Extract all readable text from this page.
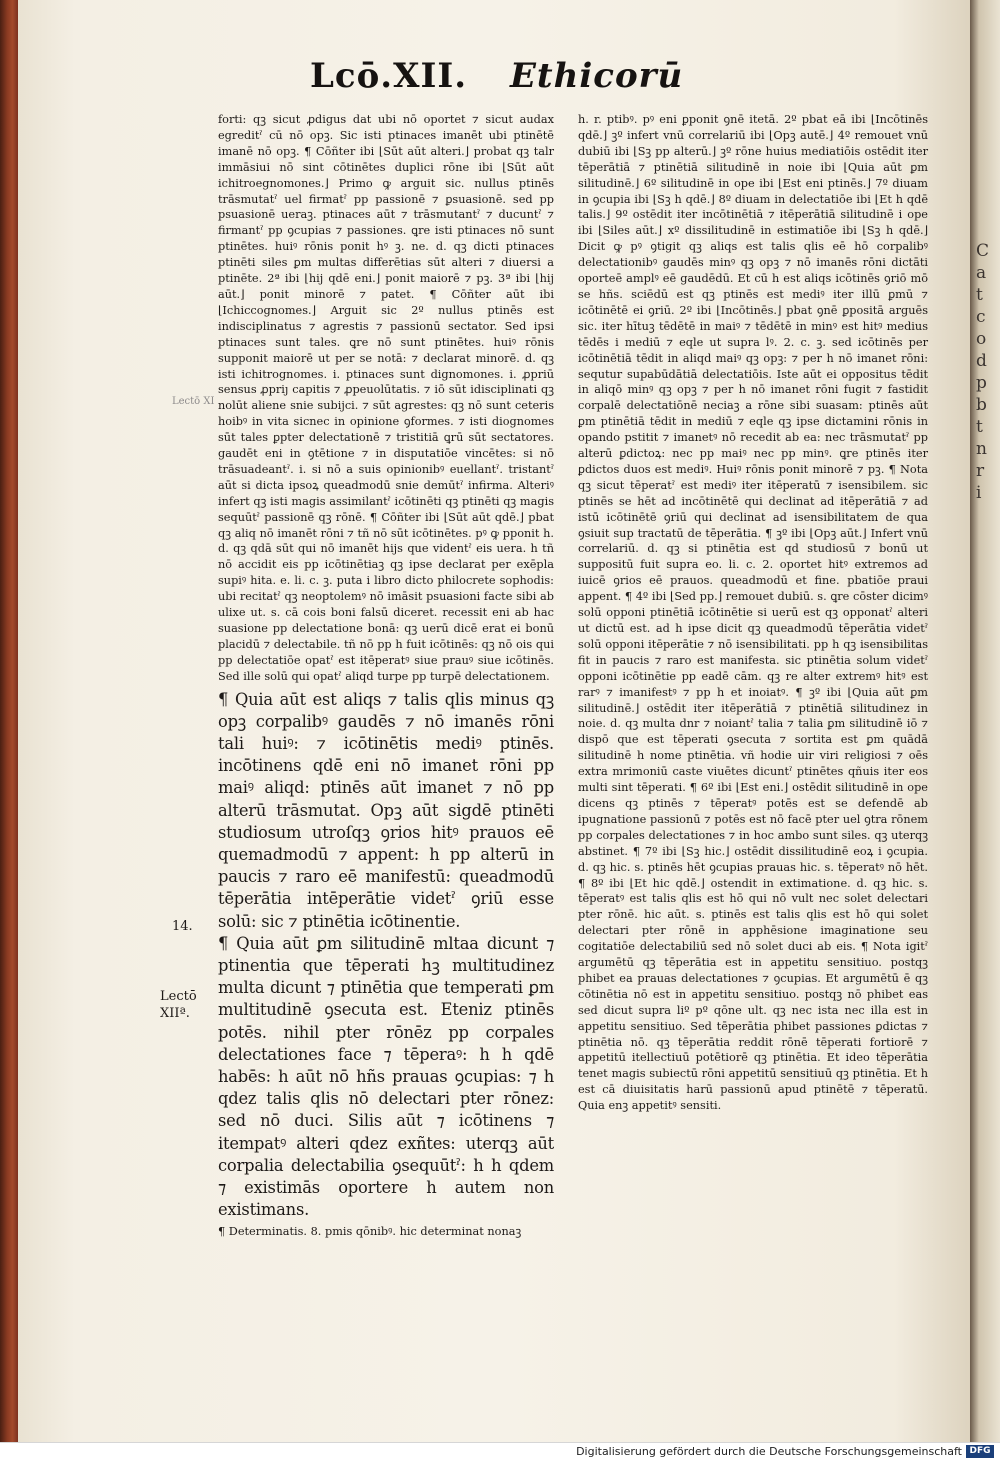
Lcō.XII. Ethicorū
Lectō XI
14.
Lectō
XIIª.

forti: qꝫ sicut ꝓdigus dat ubi nō oportet ⁊ sicut audax egreditˀ cū nō opꝫ. Sic isti ptinaces imanēt ubi ptinētē imanē nō opꝫ. ¶ Cōñter ibi ⌊Sūt aūt alteri.⌋ probat qꝫ talr immāsiui nō sint cōtinētes duplici rōne ibi ⌊Sūt aūt ichitroegnomones.⌋ Primo ꝙ arguit sic. nullus ptinēs trāsmutatˀ uel firmatˀ pp passionē ⁊ ꝑsuasionē. sed pp psuasionē ueraꝫ. ptinaces aūt ⁊ trāsmutantˀ ⁊ ducuntˀ ⁊ firmantˀ pp ꝯcupias ⁊ passiones. ꝗre isti ptinaces nō sunt ptinētes. huiꝰ rōnis ponit hꝰ ꝫ. ne. d. qꝫ dicti ptinaces ptinēti siles ꝑm multas differētias sūt alteri ⁊ diuersi a ptinēte. 2ª ibi ⌊hij qdē eni.⌋ ponit maiorē ⁊ pꝫ. 3ª ibi ⌊hij aūt.⌋ ponit minorē ⁊ patet. ¶ Cōñter aūt ibi ⌊Ichiccognomes.⌋ Arguit sic 2º nullus ptinēs est indisciplinatus ⁊ agrestis ⁊ passionū sectator. Sed ipsi ptinaces sunt tales. ꝗre nō sunt ptinētes. huiꝰ rōnis supponit maiorē ut per se notā: ⁊ declarat minorē. d. qꝫ isti ichitrognomes. i. ptinaces sunt dignomones. i. ꝓpriū sensus ꝓpriȷ capitis ⁊ ꝓpeuolūtatis. ⁊ iō sūt idisciplinati qꝫ nolūt aliene snie subijci. ⁊ sūt agrestes: qꝫ nō sunt ceteris hoibꝰ in vita sicnec in opinione ꝯformes. ⁊ isti diognomes sūt tales ꝑpter delectationē ⁊ tristitiā ꝗrū sūt sectatores. gaudēt eni in ꝯtētione ⁊ in disputatiōe vincētes: si nō trāsuadeantˀ. i. si nō a suis opinionibꝰ euellantˀ. tristantˀ aūt si dicta ipsoꝝ queadmodū snie demūtˀ infirma. Alteriꝰ infert qꝫ isti magis assimilantˀ icōtinēti qꝫ ptinēti qꝫ magis sequūtˀ passionē qꝫ rōnē. ¶ Cōñter ibi ⌊Sūt aūt qdē.⌋ pbat qꝫ aliq nō imanēt rōni ⁊ tñ nō sūt icōtinētes. pꝰ ꝙ pponit h. d. qꝫ qdā sūt qui nō imanēt hijs que videntˀ eis uera. h tñ nō accidit eis pp icōtinētiaꝫ qꝫ ipse declarat per exēpla supiꝰ hita. e. li. c. ꝫ. puta i libro dicto philocrete sophodis: ubi recitatˀ qꝫ neoptolemꝰ nō imāsit psuasioni facte sibi ab ulixe ut. s. cā cois boni falsū diceret. recessit eni ab hac suasione pp delectatione bonā: qꝫ uerū dicē erat ei bonū placidū ⁊ delectabile. tñ nō pp h fuit icōtinēs: qꝫ nō ois qui pp delectatiōe opatˀ est itēperatꝰ siue prauꝰ siue icōtinēs. Sed ille solū qui opatˀ aliqd turpe pp turpē delectationem.

¶ Quia aūt est aliqs ⁊ talis qlis minus qꝫ opꝫ corpalibꝰ gaudēs ⁊ nō imanēs rōni tali huiꝰ: ⁊ icōtinētis mediꝰ ptinēs. incōtinens qdē eni nō imanet rōni pp maiꝰ aliqd: ptinēs aūt imanet ⁊ nō pp alterū trāsmutat. Opꝫ aūt sigdē ptinēti studiosum utroſqꝫ ꝯrios hitꝰ prauos eē quemadmodū ⁊ appent: h pp alterū in paucis ⁊ raro eē manifestū: queadmodū tēperātia intēperātie videtˀ ꝯriū esse solū: sic ⁊ ptinētia icōtinentie.

¶ Quia aūt ꝑm silitudinē mltaa dicunt ⁊ ptinentia que tēperati hꝫ multitudinez multa dicunt ⁊ ptinētia que temperati ꝑm multitudinē ꝯsecuta est. Eteniz ptinēs potēs. nihil pter rōnēz pp corpales delectationes face ⁊ tēperaꝰ: h h qdē habēs: h aūt nō hñs prauas ꝯcupias: ⁊ h qdez talis qlis nō delectari pter rōnez: sed nō duci. Silis aūt ⁊ icōtinens ⁊ itempatꝰ alteri qdez exñtes: uterqꝫ aūt corpalia delectabilia ꝯsequūtˀ: h h qdem ⁊ existimās oportere h autem non existimans.

¶ Determinatis. 8. pmis qōnibꝰ. hic determinat nonaꝫ

h. r. ptibꝰ. pꝰ eni ꝑponit ꝯnē itetā. 2º pbat eā ibi ⌊Incōtinēs qdē.⌋ ꝫº infert vnū correlariū ibi ⌊Opꝫ autē.⌋ 4º remouet vnū dubiū ibi ⌊Sꝫ pp alterū.⌋ ꝫº rōne huius mediatiōis ostēdit iter tēperātiā ⁊ ptinētiā silitudinē in noie ibi ⌊Quia aūt ꝑm silitudinē.⌋ 6º silitudinē in ope ibi ⌊Est eni ptinēs.⌋ 7º diuam in ꝯcupia ibi ⌊Sꝫ h qdē.⌋ 8º diuam in delectatiōe ibi ⌊Et h qdē talis.⌋ 9º ostēdit iter incōtinētiā ⁊ itēperātiā silitudinē i ope ibi ⌊Siles aūt.⌋ xº dissilitudinē in estimatiōe ibi ⌊Sꝫ h qdē.⌋ Dicit ꝙ pꝰ ꝯtigit qꝫ aliqs est talis qlis eē hō corpalibꝰ delectationibꝰ gaudēs minꝰ qꝫ opꝫ ⁊ nō imanēs rōni dictāti oporteē amplꝰ eē gaudēdū. Et cū h est aliqs icōtinēs ꝯriō mō se hñs. sciēdū est qꝫ ptinēs est mediꝰ iter illū ꝑmū ⁊ icōtinētē ei ꝯriū. 2º ibi ⌊Incōtinēs.⌋ pbat ꝯnē ꝑpositā arguēs sic. iter hītuꝫ tēdētē in maiꝰ ⁊ tēdētē in minꝰ est hitꝰ medius tēdēs i mediū ⁊ eqle ut supra lꝰ. 2. c. ꝫ. sed icōtinēs per icōtinētiā tēdit in aliqd maiꝰ qꝫ opꝫ: ⁊ per h nō imanet rōni: sequtur supabūdātiā delectatiōis. Iste aūt ei oppositus tēdit in aliqō minꝰ qꝫ opꝫ ⁊ per h nō imanet rōni fugit ⁊ fastidit corpalē delectatiōnē neciaꝫ a rōne sibi suasam: ptinēs aūt ꝑm ptinētiā tēdit in mediū ⁊ eqle qꝫ ipse dictamini rōnis in opando pstitit ⁊ imanetꝰ nō recedit ab ea: nec trāsmutatˀ pp alterū ꝑdictoꝝ: nec pp maiꝰ nec pp minꝰ. ꝗre ptinēs iter ꝑdictos duos est mediꝰ. Huiꝰ rōnis ponit minorē ⁊ pꝫ. ¶ Nota qꝫ sicut tēperatˀ est mediꝰ iter itēperatū ⁊ isensibilem. sic ptinēs se hēt ad incōtinētē qui declinat ad itēperātiā ⁊ ad istū icōtinētē ꝯriū qui declinat ad isensibilitatem de qua ꝯsiuit sup tractatū de tēperātia. ¶ ꝫº ibi ⌊Opꝫ aūt.⌋ Infert vnū correlariū. d. qꝫ si ptinētia est qd studiosū ⁊ bonū ut suppositū fuit supra eo. li. c. 2. oportet hitꝰ extremos ad iuicē ꝯrios eē prauos. queadmodū et fine. pbatiōe praui appent. ¶ 4º ibi ⌊Sed pp.⌋ remouet dubiū. s. ꝗre cōster dicimꝰ solū opponi ptinētiā icōtinētie si uerū est qꝫ opponatˀ alteri ut dictū est. ad h ipse dicit qꝫ queadmodū tēperātia videtˀ solū opponi itēperātie ⁊ nō isensibilitati. pp h qꝫ isensibilitas fit in paucis ⁊ raro est manifesta. sic ptinētia solum videtˀ opponi icōtinētie pp eadē cām. qꝫ re alter extremꝰ hitꝰ est rarꝰ ⁊ imanifestꝰ ⁊ pp h et inoiatꝰ. ¶ ꝫº ibi ⌊Quia aūt ꝑm silitudinē.⌋ ostēdit iter itēperātiā ⁊ ptinētiā silitudinez in noie. d. qꝫ multa dnr ⁊ noiantˀ talia ⁊ talia ꝑm silitudinē iō ⁊ dispō que est tēperati ꝯsecuta ⁊ sortita est ꝑm quādā silitudinē h nome ptinētia. vñ hodie uir viri religiosi ⁊ oēs extra mrimoniū caste viuētes dicuntˀ ptinētes qñuis iter eos multi sint tēperati. ¶ 6º ibi ⌊Est eni.⌋ ostēdit silitudinē in ope dicens qꝫ ptinēs ⁊ tēperatꝰ potēs est se defendē ab ipugnatione passionū ⁊ potēs est nō facē pter uel ꝯtra rōnem pp corpales delectationes ⁊ in hoc ambo sunt siles. qꝫ uterqꝫ abstinet. ¶ 7º ibi ⌊Sꝫ hic.⌋ ostēdit dissilitudinē eoꝝ i ꝯcupia. d. qꝫ hic. s. ptinēs hēt ꝯcupias prauas hic. s. tēperatꝰ nō hēt. ¶ 8º ibi ⌊Et hic qdē.⌋ ostendit in extimatione. d. qꝫ hic. s. tēperatꝰ est talis qlis est hō qui nō vult nec solet delectari pter rōnē. hic aūt. s. ptinēs est talis qlis est hō qui solet delectari pter rōnē in apphēsione imaginatione seu cogitatiōe delectabiliū sed nō solet duci ab eis. ¶ Nota igitˀ argumētū qꝫ tēperātia est in appetitu sensitiuo. postqꝫ phibet ea prauas delectationes ⁊ ꝯcupias. Et argumētū ē qꝫ cōtinētia nō est in appetitu sensitiuo. postqꝫ nō phibet eas sed dicut supra liº pº qōne ult. qꝫ nec ista nec illa est in appetitu sensitiuo. Sed tēperātia phibet passiones ꝑdictas ⁊ ptinētia nō. qꝫ tēperātia reddit rōnē tēperati fortiorē ⁊ appetitū itellectiuū potētiorē qꝫ ptinētia. Et ideo tēperātia tenet magis subiectū rōni appetitū sensitiuū qꝫ ptinētia. Et h est cā diuisitatis harū passionū apud ptinētē ⁊ tēperatū. Quia enꝫ appetitꝰ sensiti.

C
a
t
c
o
d
p
b
t
n
r
i
Digitalisierung gefördert durch die Deutsche Forschungsgemeinschaft DFG
